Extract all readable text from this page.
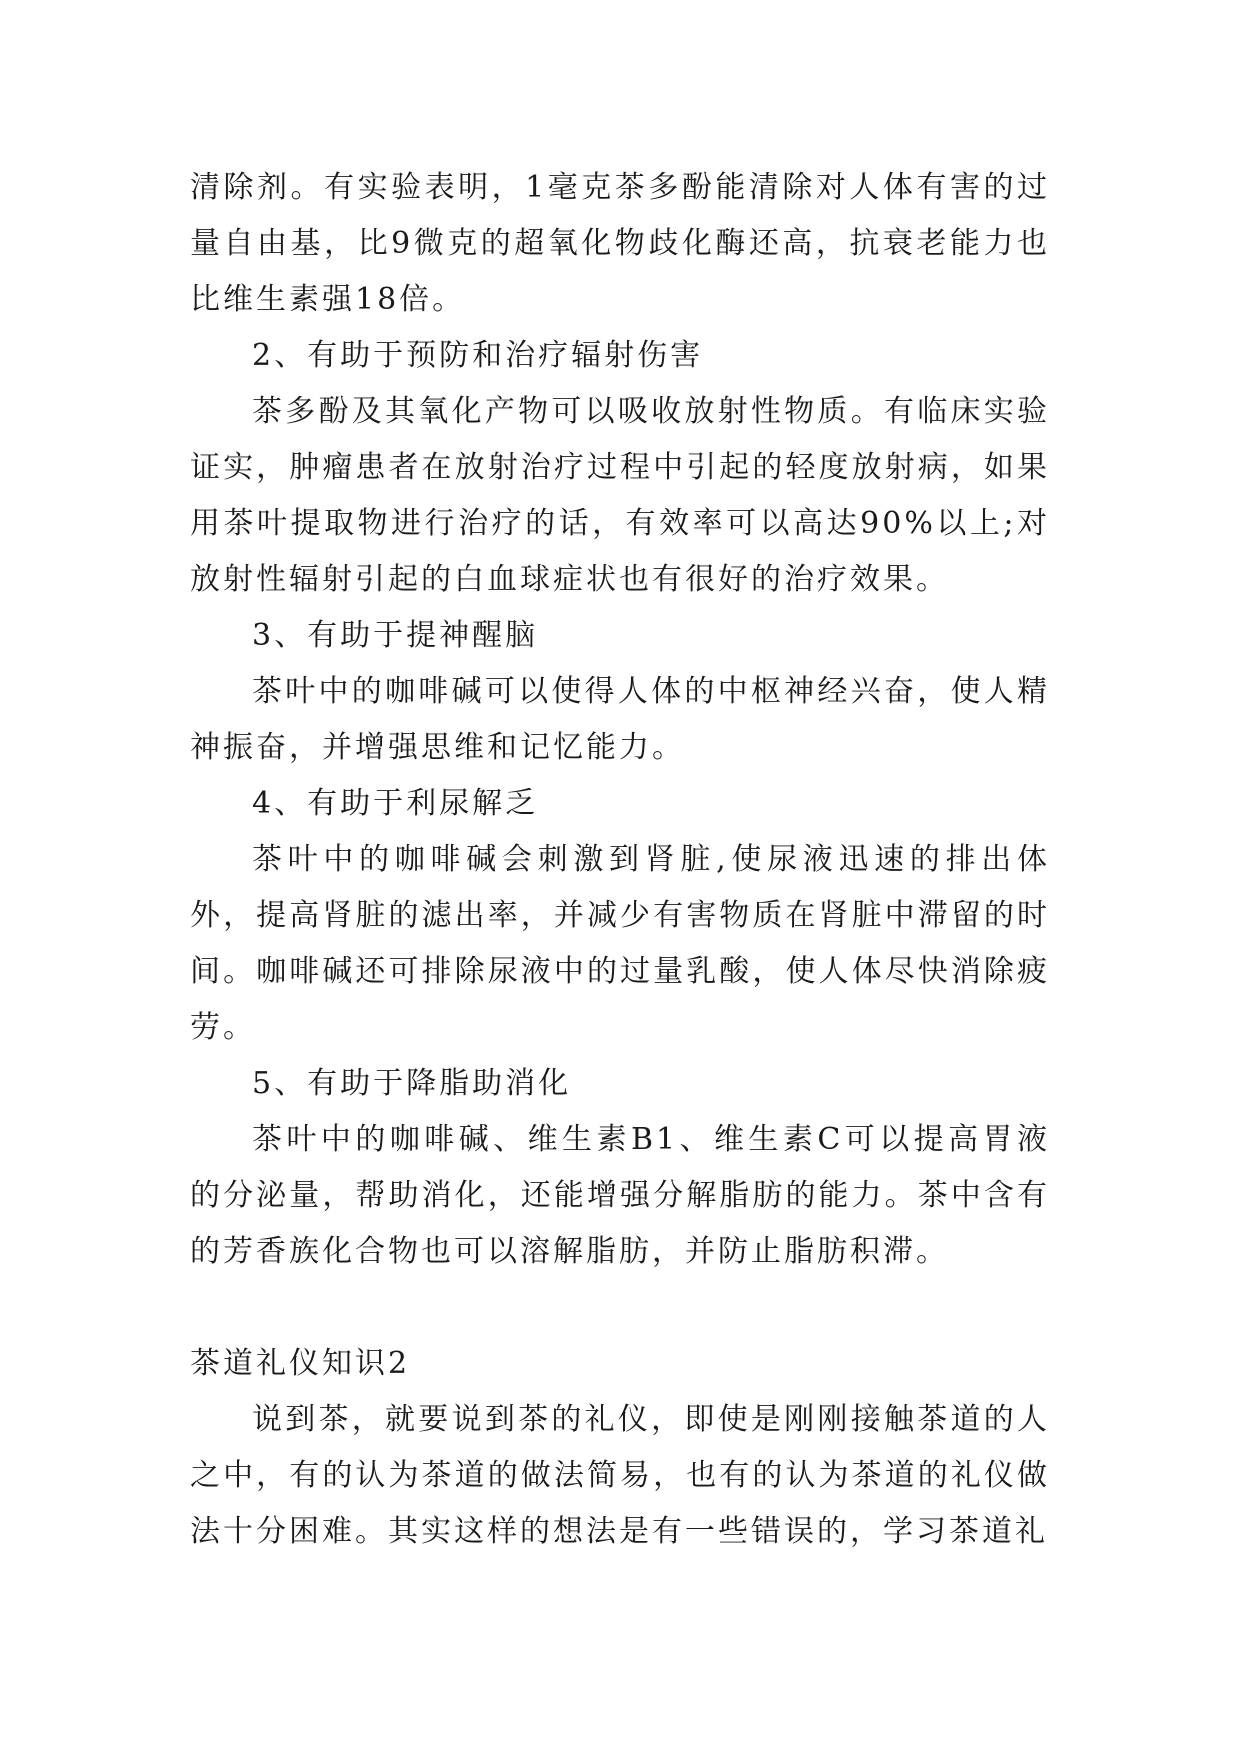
清除剂。有实验表明，1毫克茶多酚能清除对人体有害的过量自由基，比9微克的超氧化物歧化酶还高，抗衰老能力也比维生素强18倍。

2、有助于预防和治疗辐射伤害

茶多酚及其氧化产物可以吸收放射性物质。有临床实验证实，肿瘤患者在放射治疗过程中引起的轻度放射病，如果用茶叶提取物进行治疗的话，有效率可以高达90%以上;对放射性辐射引起的白血球症状也有很好的治疗效果。

3、有助于提神醒脑

茶叶中的咖啡碱可以使得人体的中枢神经兴奋，使人精神振奋，并增强思维和记忆能力。

4、有助于利尿解乏

茶叶中的咖啡碱会刺激到肾脏,使尿液迅速的排出体外，提高肾脏的滤出率，并减少有害物质在肾脏中滞留的时间。咖啡碱还可排除尿液中的过量乳酸，使人体尽快消除疲劳。

5、有助于降脂助消化

茶叶中的咖啡碱、维生素B1、维生素C可以提高胃液的分泌量，帮助消化，还能增强分解脂肪的能力。茶中含有的芳香族化合物也可以溶解脂肪，并防止脂肪积滞。

茶道礼仪知识2

说到茶，就要说到茶的礼仪，即使是刚刚接触茶道的人之中，有的认为茶道的做法简易，也有的认为茶道的礼仪做法十分困难。其实这样的想法是有一些错误的，学习茶道礼
